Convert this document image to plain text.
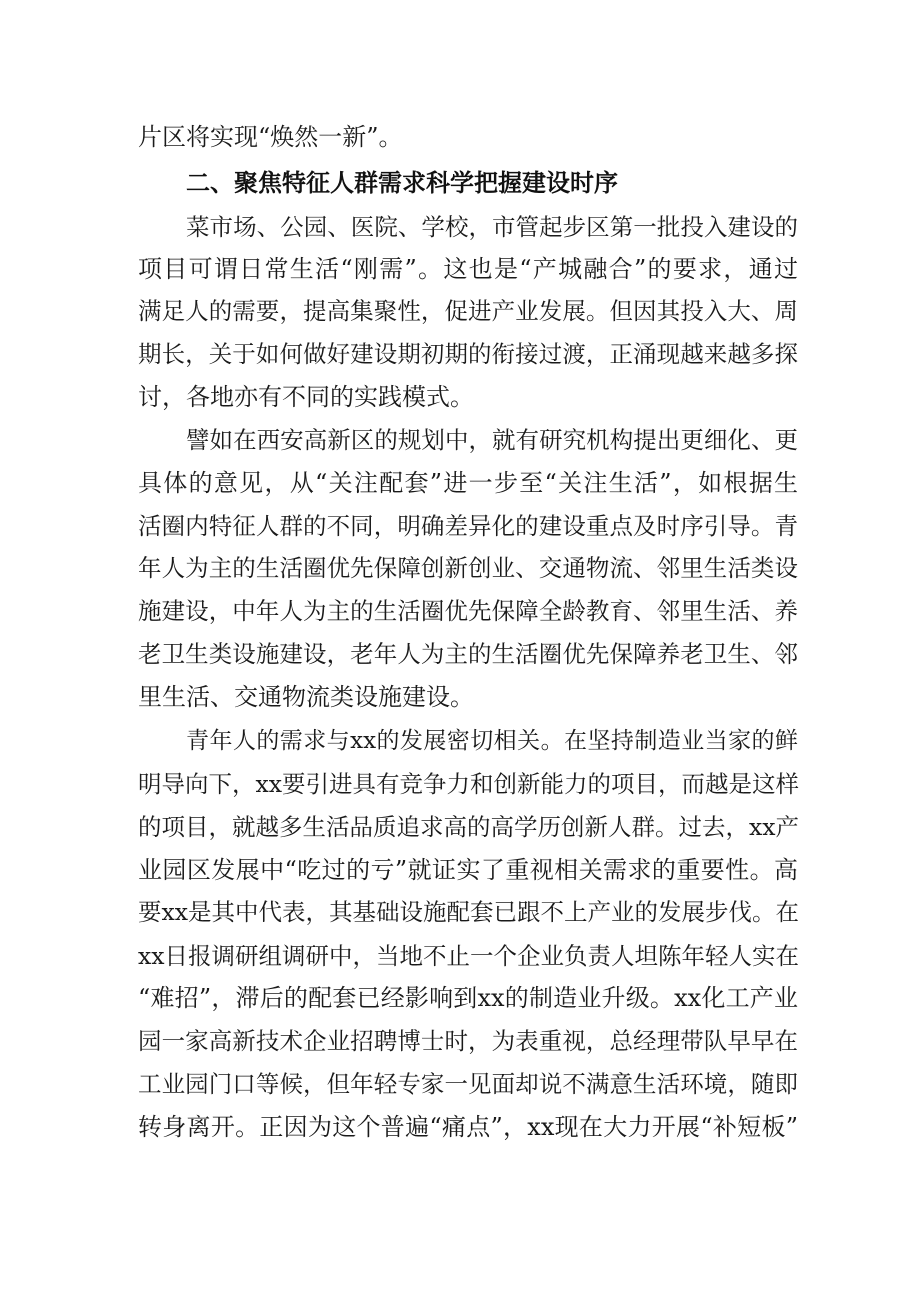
片区将实现“焕然一新”。
二、聚焦特征人群需求科学把握建设时序
菜市场、公园、医院、学校，市管起步区第一批投入建设的
项目可谓日常生活“刚需”。这也是“产城融合”的要求，通过
满足人的需要，提高集聚性，促进产业发展。但因其投入大、周
期长，关于如何做好建设期初期的衔接过渡，正涌现越来越多探
讨，各地亦有不同的实践模式。
譬如在西安高新区的规划中，就有研究机构提出更细化、更
具体的意见，从“关注配套”进一步至“关注生活”，如根据生
活圈内特征人群的不同，明确差异化的建设重点及时序引导。青
年人为主的生活圈优先保障创新创业、交通物流、邻里生活类设
施建设，中年人为主的生活圈优先保障全龄教育、邻里生活、养
老卫生类设施建设，老年人为主的生活圈优先保障养老卫生、邻
里生活、交通物流类设施建设。
青年人的需求与xx的发展密切相关。在坚持制造业当家的鲜
明导向下，xx要引进具有竞争力和创新能力的项目，而越是这样
的项目，就越多生活品质追求高的高学历创新人群。过去，xx产
业园区发展中“吃过的亏”就证实了重视相关需求的重要性。高
要xx是其中代表，其基础设施配套已跟不上产业的发展步伐。在
xx日报调研组调研中，当地不止一个企业负责人坦陈年轻人实在
“难招”，滞后的配套已经影响到xx的制造业升级。xx化工产业
园一家高新技术企业招聘博士时，为表重视，总经理带队早早在
工业园门口等候，但年轻专家一见面却说不满意生活环境，随即
转身离开。正因为这个普遍“痛点”，xx现在大力开展“补短板”
